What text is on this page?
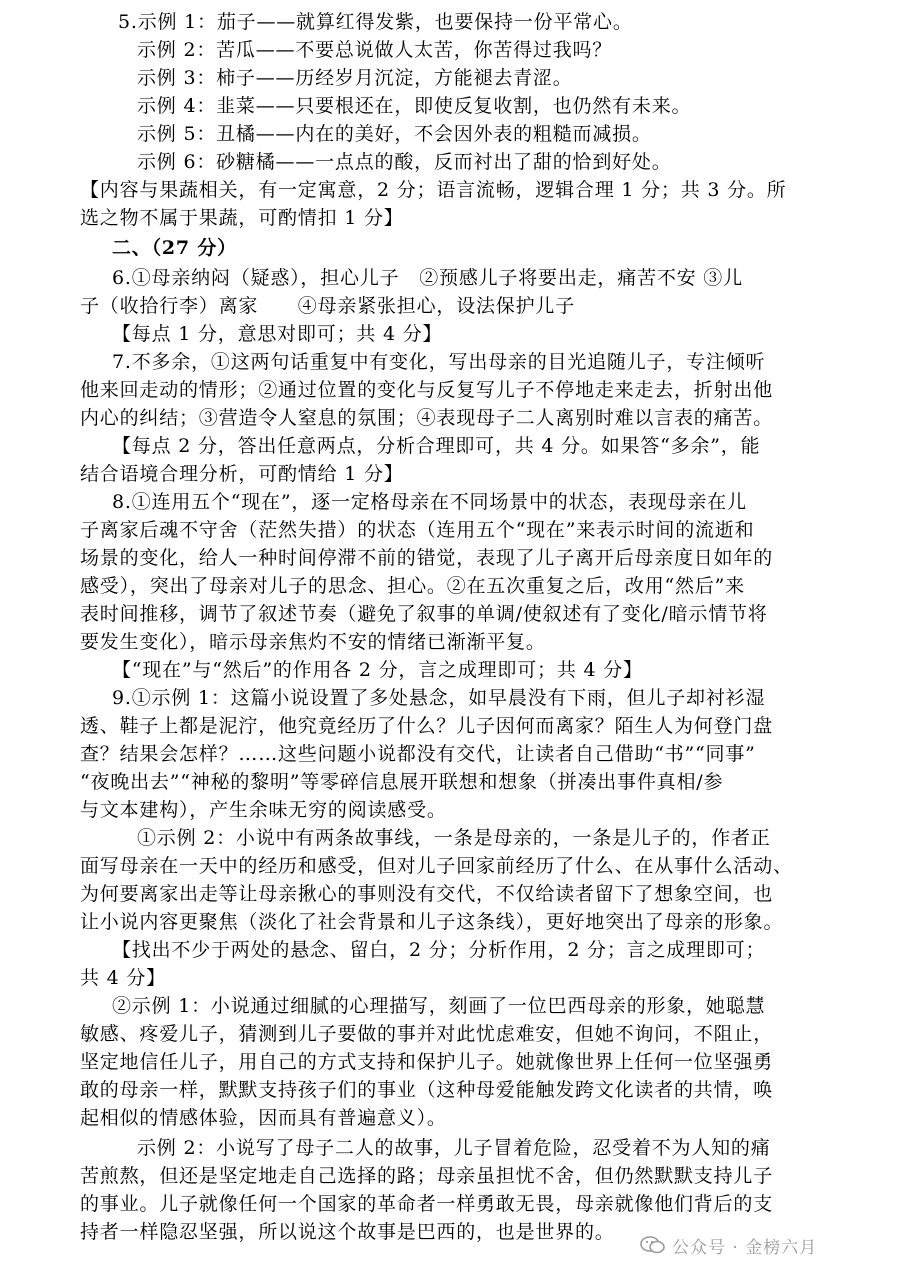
5.示例 1：茄子——就算红得发紫，也要保持一份平常心。
示例 2：苦瓜——不要总说做人太苦，你苦得过我吗？
示例 3：柿子——历经岁月沉淀，方能褪去青涩。
示例 4：韭菜——只要根还在，即使反复收割，也仍然有未来。
示例 5：丑橘——内在的美好，不会因外表的粗糙而减损。
示例 6：砂糖橘——一点点的酸，反而衬出了甜的恰到好处。
【内容与果蔬相关，有一定寓意，2 分；语言流畅，逻辑合理 1 分；共 3 分。所
选之物不属于果蔬，可酌情扣 1 分】
二、（27 分）
6.①母亲纳闷（疑惑），担心儿子　②预感儿子将要出走，痛苦不安 ③儿
子（收拾行李）离家　　④母亲紧张担心，设法保护儿子
【每点 1 分，意思对即可；共 4 分】
7.不多余，①这两句话重复中有变化，写出母亲的目光追随儿子，专注倾听
他来回走动的情形；②通过位置的变化与反复写儿子不停地走来走去，折射出他
内心的纠结；③营造令人窒息的氛围；④表现母子二人离别时难以言表的痛苦。
【每点 2 分，答出任意两点，分析合理即可，共 4 分。如果答“多余”，能
结合语境合理分析，可酌情给 1 分】
8.①连用五个“现在”，逐一定格母亲在不同场景中的状态，表现母亲在儿
子离家后魂不守舍（茫然失措）的状态（连用五个“现在”来表示时间的流逝和
场景的变化，给人一种时间停滞不前的错觉，表现了儿子离开后母亲度日如年的
感受），突出了母亲对儿子的思念、担心。②在五次重复之后，改用“然后”来
表时间推移，调节了叙述节奏（避免了叙事的单调/使叙述有了变化/暗示情节将
要发生变化），暗示母亲焦灼不安的情绪已渐渐平复。
【“现在”与“然后”的作用各 2 分，言之成理即可；共 4 分】
9.①示例 1：这篇小说设置了多处悬念，如早晨没有下雨，但儿子却衬衫湿
透、鞋子上都是泥泞，他究竟经历了什么？儿子因何而离家？陌生人为何登门盘
查？结果会怎样？……这些问题小说都没有交代，让读者自己借助“书”“同事”
“夜晚出去”“神秘的黎明”等零碎信息展开联想和想象（拼凑出事件真相/参
与文本建构），产生余味无穷的阅读感受。
①示例 2：小说中有两条故事线，一条是母亲的，一条是儿子的，作者正
面写母亲在一天中的经历和感受，但对儿子回家前经历了什么、在从事什么活动、
为何要离家出走等让母亲揪心的事则没有交代，不仅给读者留下了想象空间，也
让小说内容更聚焦（淡化了社会背景和儿子这条线），更好地突出了母亲的形象。
【找出不少于两处的悬念、留白，2 分；分析作用，2 分；言之成理即可；
共 4 分】
②示例 1：小说通过细腻的心理描写，刻画了一位巴西母亲的形象，她聪慧
敏感、疼爱儿子，猜测到儿子要做的事并对此忧虑难安，但她不询问，不阻止，
坚定地信任儿子，用自己的方式支持和保护儿子。她就像世界上任何一位坚强勇
敢的母亲一样，默默支持孩子们的事业（这种母爱能触发跨文化读者的共情，唤
起相似的情感体验，因而具有普遍意义）。
示例 2：小说写了母子二人的故事，儿子冒着危险，忍受着不为人知的痛
苦煎熬，但还是坚定地走自己选择的路；母亲虽担忧不舍，但仍然默默支持儿子
的事业。儿子就像任何一个国家的革命者一样勇敢无畏，母亲就像他们背后的支
持者一样隐忍坚强，所以说这个故事是巴西的，也是世界的。
公众号 · 金榜六月
